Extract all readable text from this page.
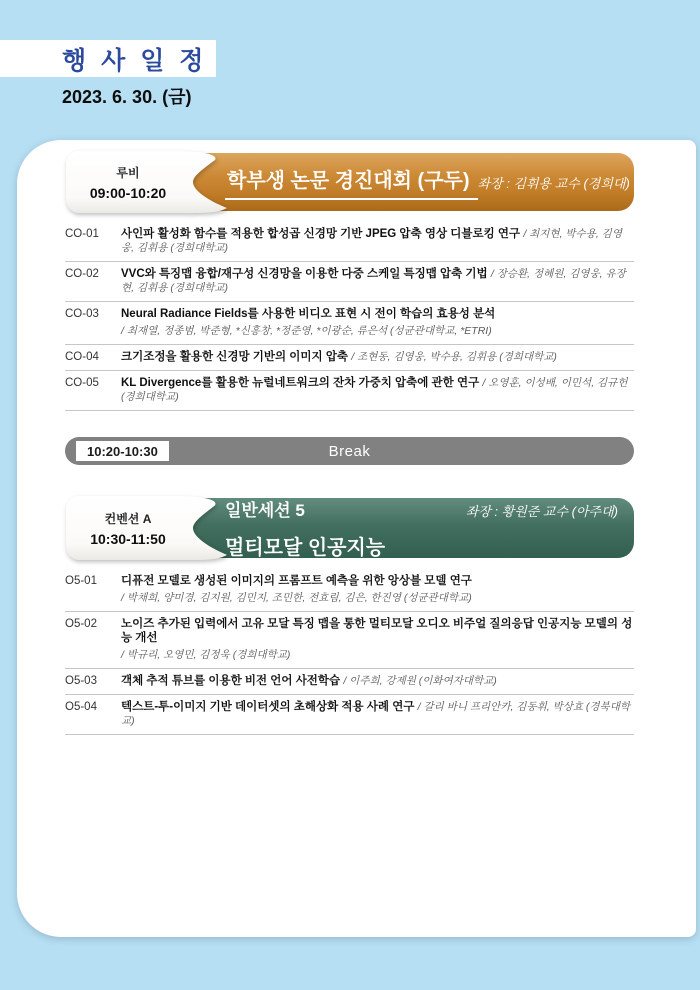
행 사 일 정
2023. 6. 30. (금)
학부생 논문 경진대회 (구두) 좌장 : 김휘용 교수 (경희대)
루비
09:00-10:20
CO-01	사인파 활성화 함수를 적용한 합성곱 신경망 기반 JPEG 압축 영상 디블로킹 연구 / 최지현, 박수용, 김영웅, 김휘용 (경희대학교)
CO-02	VVC와 특징맵 융합/재구성 신경망을 이용한 다중 스케일 특징맵 압축 기법 / 장승환, 정혜원, 김영웅, 유장현, 김휘용 (경희대학교)
CO-03	Neural Radiance Fields를 사용한 비디오 표현 시 전이 학습의 효용성 분석
/ 최재열, 정종범, 박준형, *신홍창, *정준영, *이광순, 류은석 (성균관대학교, *ETRI)
CO-04	크기조정을 활용한 신경망 기반의 이미지 압축 / 조현동, 김영웅, 박수용, 김휘용 (경희대학교)
CO-05	KL Divergence를 활용한 뉴럴네트워크의 잔차 가중치 압축에 관한 연구 / 오영훈, 이성배, 이민석, 김규헌 (경희대학교)
10:20-10:30	Break
일반세션 5	좌장 : 황원준 교수 (아주대)
멀티모달 인공지능
컨벤션 A
10:30-11:50
O5-01	디퓨전 모델로 생성된 이미지의 프롬프트 예측을 위한 앙상블 모델 연구
/ 박채희, 양미경, 김지원, 김민지, 조민한, 전효림, 김은, 한진영 (성균관대학교)
O5-02	노이즈 추가된 입력에서 고유 모달 특징 맵을 통한 멀티모달 오디오 비주얼 질의응답 인공지능 모델의 성능 개선
/ 박규리, 오영민, 김정욱 (경희대학교)
O5-03	객체 추적 튜브를 이용한 비전 언어 사전학습 / 이주희, 강제원 (이화여자대학교)
O5-04	텍스트-투-이미지 기반 데이터셋의 초해상화 적용 사례 연구 / 갈리 바니 프리안카, 김동휘, 박상효 (경북대학교)
